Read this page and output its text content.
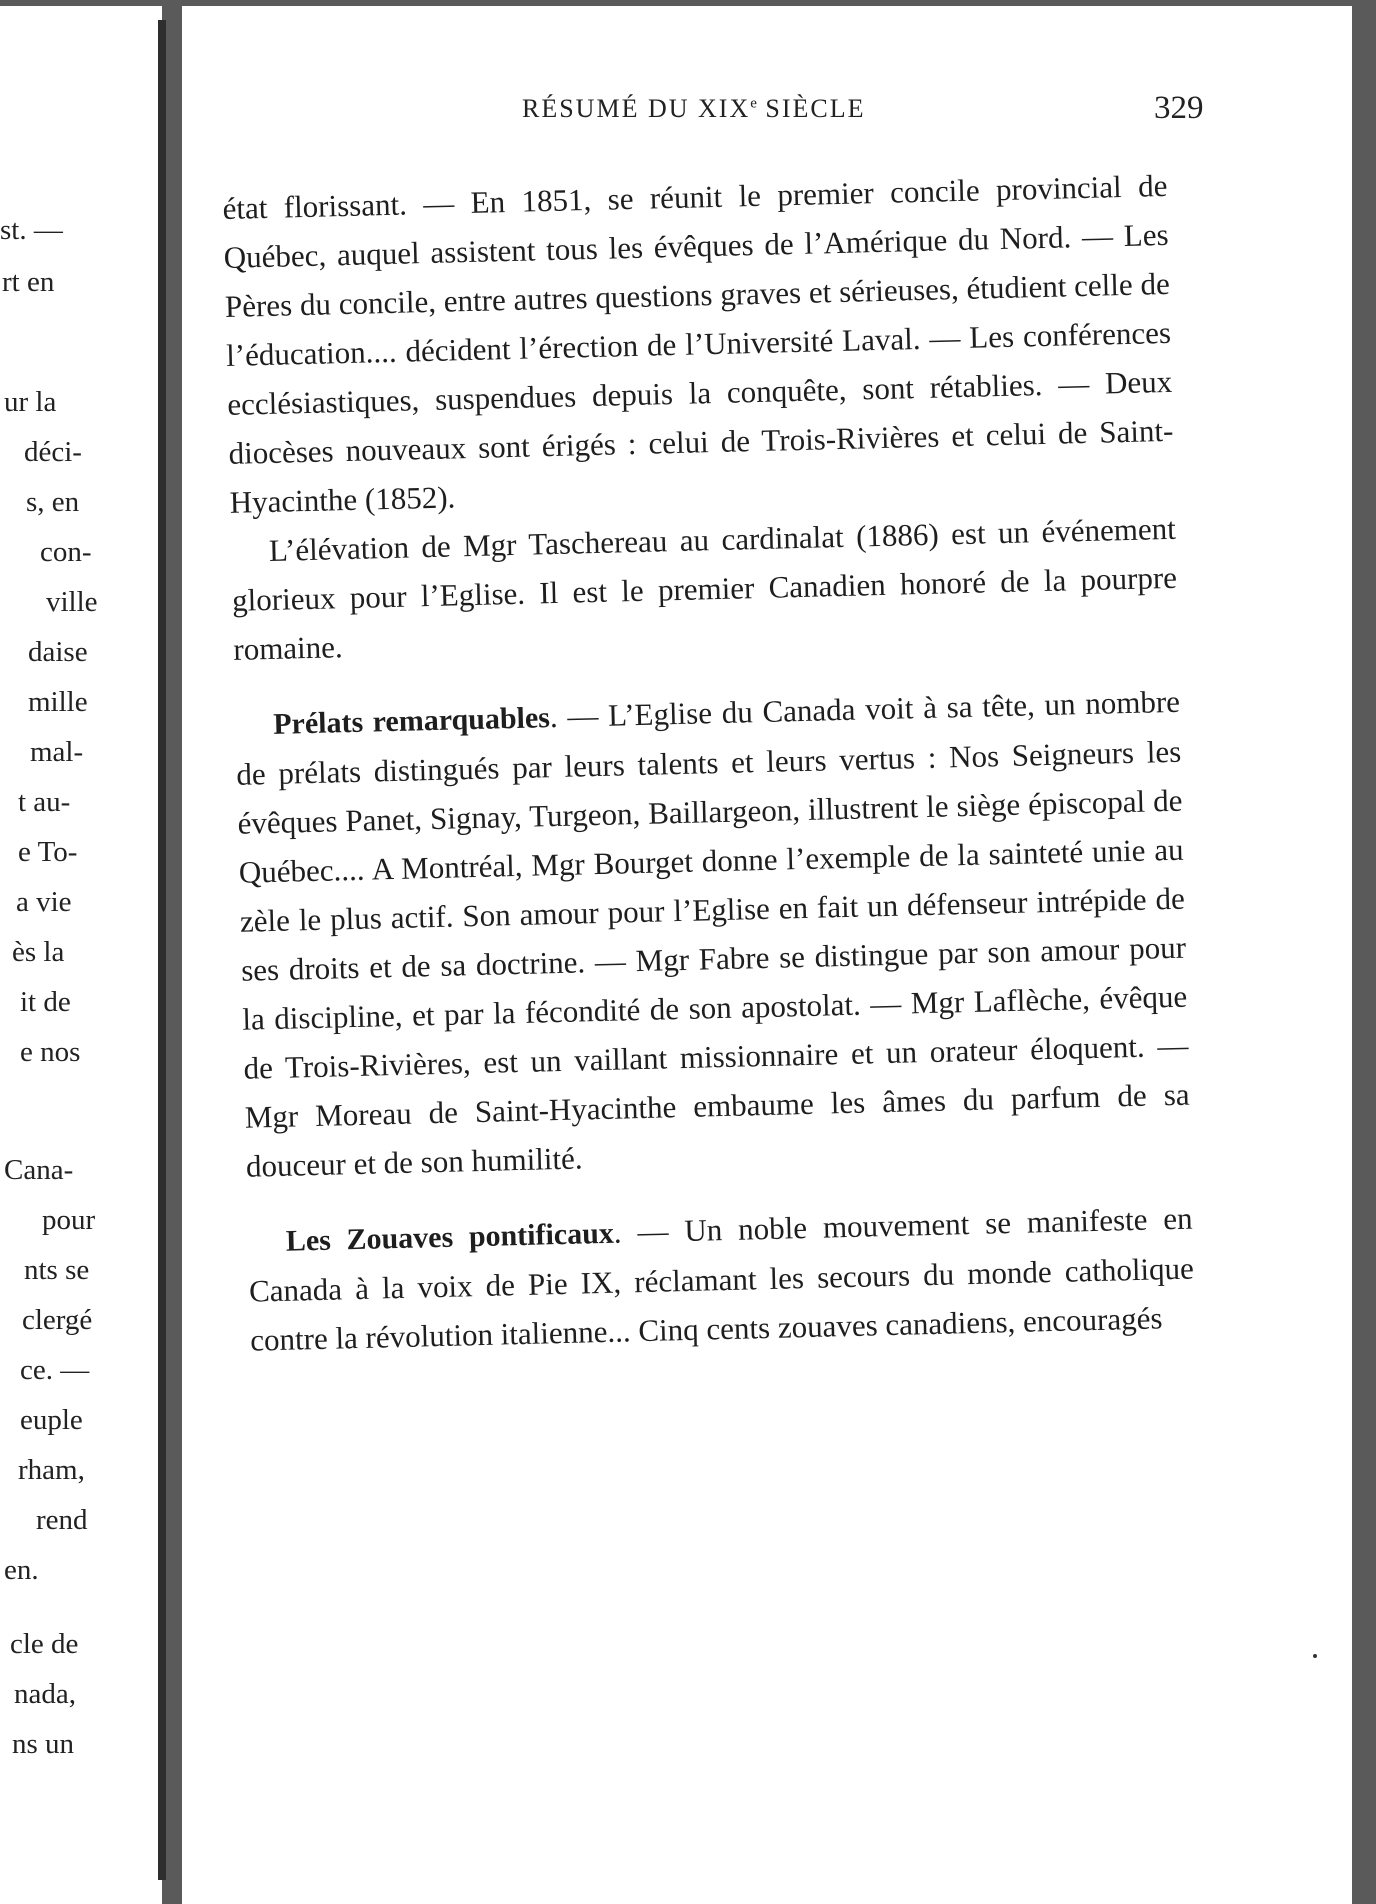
st. —
rt en
ur la
déci-
s, en
con-
ville
daise
mille
mal-
t au-
e To-
a vie
ès la
it de
e nos
Cana-
pour
nts se
clergé
ce. —
euple
rham,
rend
en.
cle de
nada,
ns un
RÉSUMÉ DU XIXe SIÈCLE	329

état florissant. — En 1851, se réunit le premier concile provincial de Québec, auquel assistent tous les évêques de l’Amérique du Nord. — Les Pères du concile, entre autres questions graves et sérieuses, étudient celle de l’éducation.... décident l’érection de l’Université Laval. — Les conférences ecclésiastiques, suspendues depuis la conquête, sont rétablies. — Deux diocèses nouveaux sont érigés : celui de Trois-Rivières et celui de Saint-Hyacinthe (1852).

L’élévation de Mgr Taschereau au cardinalat (1886) est un événement glorieux pour l’Eglise. Il est le premier Canadien honoré de la pourpre romaine.

Prélats remarquables. — L’Eglise du Canada voit à sa tête, un nombre de prélats distingués par leurs talents et leurs vertus : Nos Seigneurs les évêques Panet, Signay, Turgeon, Baillargeon, illustrent le siège épiscopal de Québec.... A Montréal, Mgr Bourget donne l’exemple de la sainteté unie au zèle le plus actif. Son amour pour l’Eglise en fait un défenseur intrépide de ses droits et de sa doctrine. — Mgr Fabre se distingue par son amour pour la discipline, et par la fécondité de son apostolat. — Mgr Laflèche, évêque de Trois-Rivières, est un vaillant missionnaire et un orateur éloquent. — Mgr Moreau de Saint-Hyacinthe embaume les âmes du parfum de sa douceur et de son humilité.

Les Zouaves pontificaux. — Un noble mouvement se manifeste en Canada à la voix de Pie IX, réclamant les secours du monde catholique contre la révolution italienne... Cinq cents zouaves canadiens, encouragés
